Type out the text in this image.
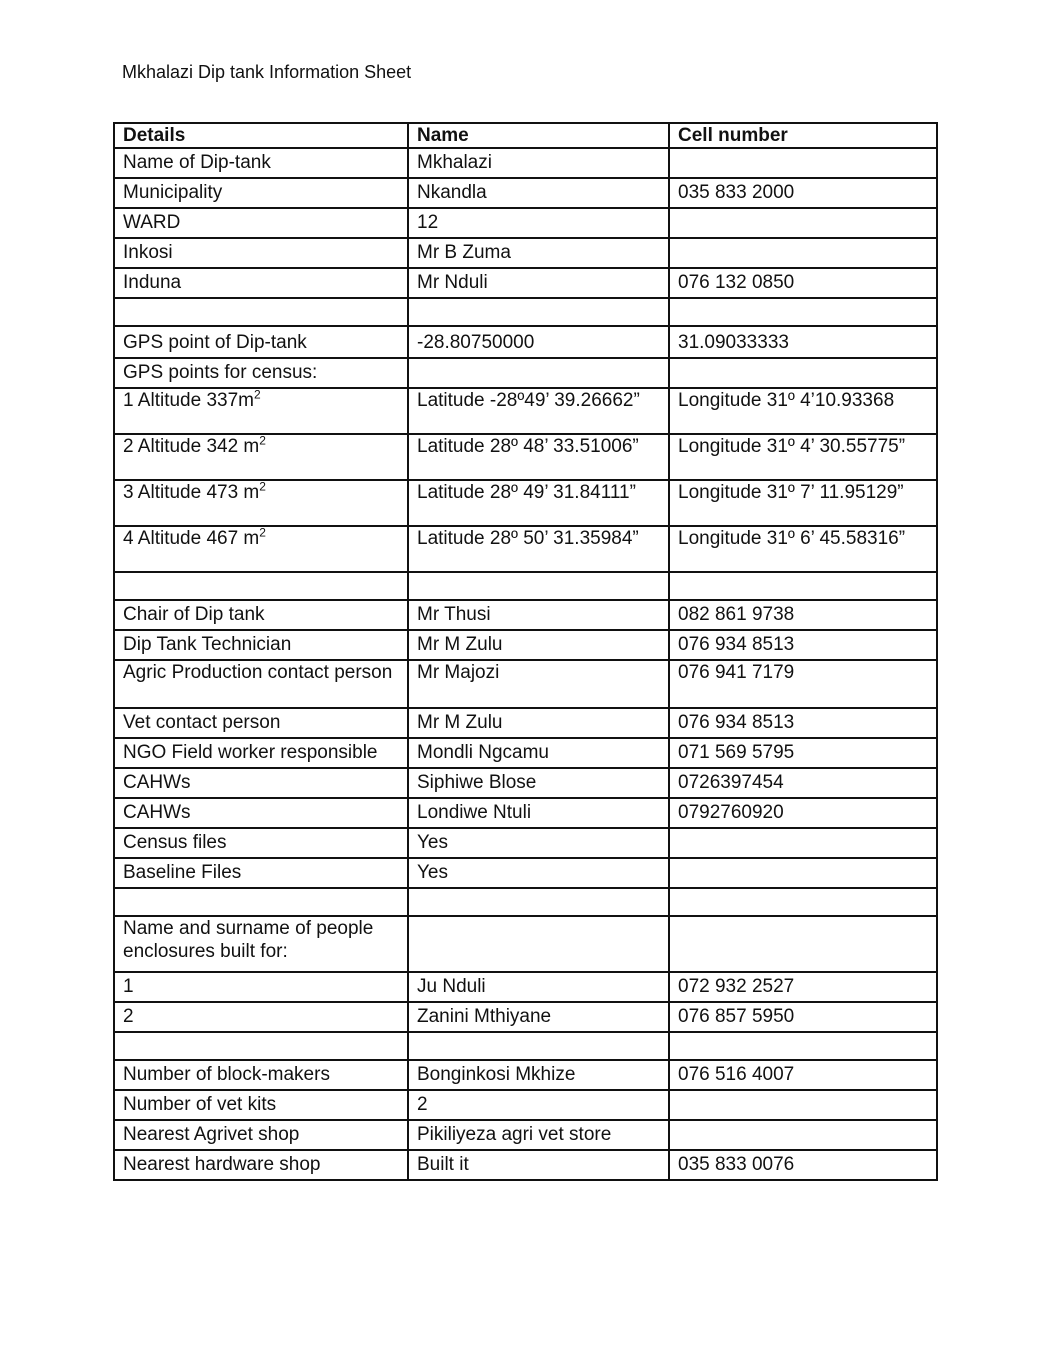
Mkhalazi Dip tank Information Sheet
Details	Name	Cell number
Name of Dip-tank	Mkhalazi	
Municipality	Nkandla	035 833 2000
WARD	12	
Inkosi	Mr B Zuma	
Induna	Mr Nduli	076 132 0850

GPS point of Dip-tank	-28.80750000	31.09033333
GPS points for census:		
1 Altitude $337m^2$	Latitude -28º49’ 39.26662”	Longitude 31º 4’10.93368
2 Altitude 342 $m^2$	Latitude 28º 48’ 33.51006”	Longitude 31º 4’ 30.55775”
3 Altitude 473 $m^2$	Latitude 28º 49’ 31.84111”	Longitude 31º 7’ 11.95129”
4 Altitude 467 $m^2$	Latitude 28º 50’ 31.35984”	Longitude 31º 6’ 45.58316”

Chair of Dip tank	Mr Thusi	082 861 9738
Dip Tank Technician	Mr M Zulu	076 934 8513
Agric Production contact person	Mr Majozi	076 941 7179
Vet contact person	Mr M Zulu	076 934 8513
NGO Field worker responsible	Mondli Ngcamu	071 569 5795
CAHWs	Siphiwe Blose	0726397454
CAHWs	Londiwe Ntuli	0792760920
Census files	Yes	
Baseline Files	Yes	

Name and surname of people enclosures built for:		
1	Ju Nduli	072 932 2527
2	Zanini Mthiyane	076 857 5950

Number of block-makers	Bonginkosi Mkhize	076 516 4007
Number of vet kits	2	
Nearest Agrivet shop	Pikiliyeza agri vet store	
Nearest hardware shop	Built it	035 833 0076
